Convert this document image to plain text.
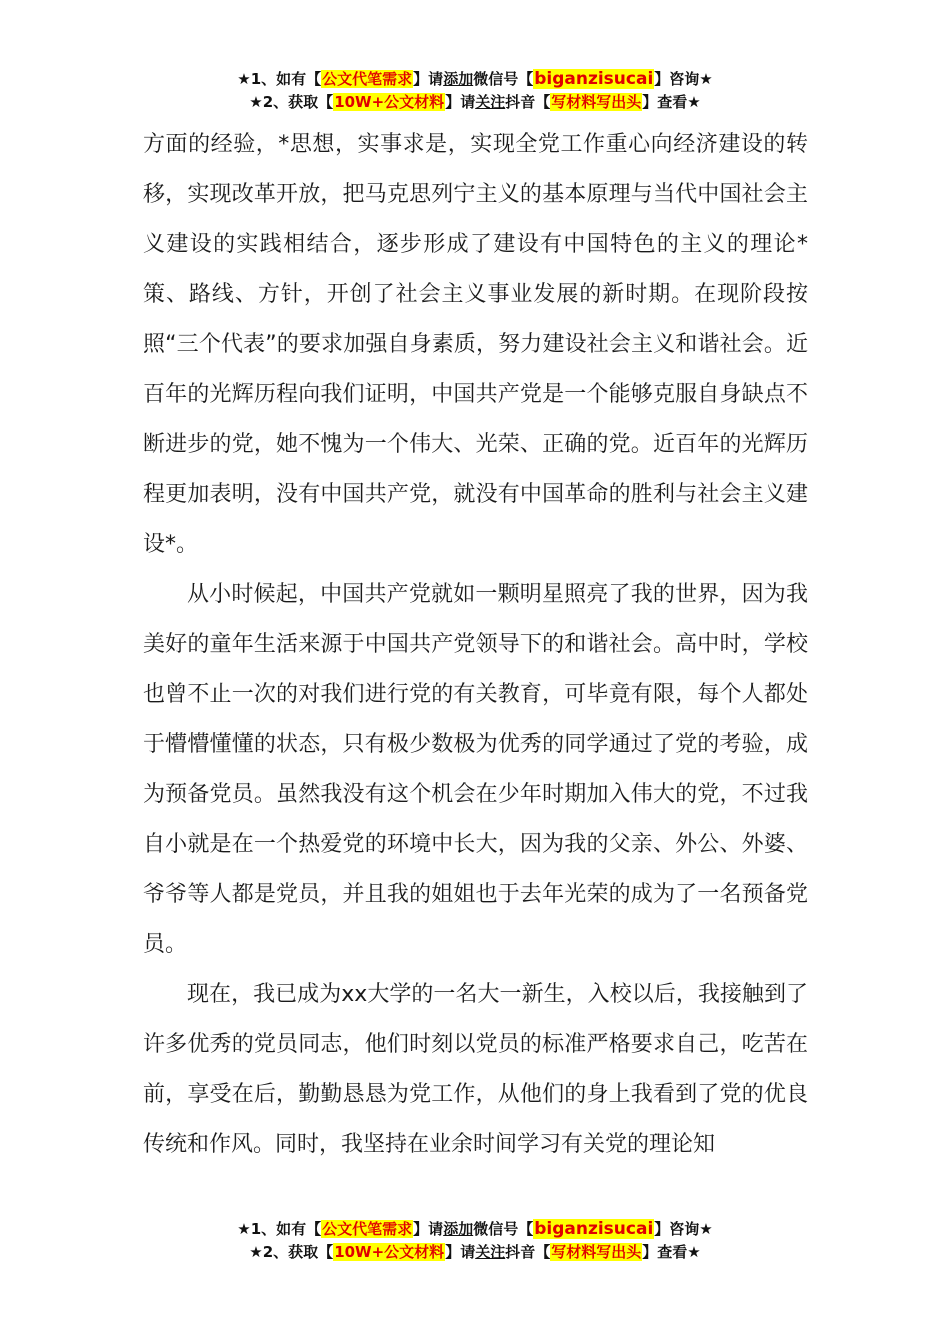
★1、如有【公文代笔需求】请添加微信号【biganzisucai】咨询★
★2、获取【10W+公文材料】请关注抖音【写材料写出头】查看★

方面的经验，*思想，实事求是，实现全党工作重心向经济建设的转移，实现改革开放，把马克思列宁主义的基本原理与当代中国社会主义建设的实践相结合，逐步形成了建设有中国特色的主义的理论*策、路线、方针，开创了社会主义事业发展的新时期。在现阶段按照“三个代表”的要求加强自身素质，努力建设社会主义和谐社会。近百年的光辉历程向我们证明，中国共产党是一个能够克服自身缺点不断进步的党，她不愧为一个伟大、光荣、正确的党。近百年的光辉历程更加表明，没有中国共产党，就没有中国革命的胜利与社会主义建设*。

从小时候起，中国共产党就如一颗明星照亮了我的世界，因为我美好的童年生活来源于中国共产党领导下的和谐社会。高中时，学校也曾不止一次的对我们进行党的有关教育，可毕竟有限，每个人都处于懵懵懂懂的状态，只有极少数极为优秀的同学通过了党的考验，成为预备党员。虽然我没有这个机会在少年时期加入伟大的党，不过我自小就是在一个热爱党的环境中长大，因为我的父亲、外公、外婆、爷爷等人都是党员，并且我的姐姐也于去年光荣的成为了一名预备党员。

现在，我已成为xx大学的一名大一新生，入校以后，我接触到了许多优秀的党员同志，他们时刻以党员的标准严格要求自己，吃苦在前，享受在后，勤勤恳恳为党工作，从他们的身上我看到了党的优良传统和作风。同时，我坚持在业余时间学习有关党的理论知

★1、如有【公文代笔需求】请添加微信号【biganzisucai】咨询★
★2、获取【10W+公文材料】请关注抖音【写材料写出头】查看★
